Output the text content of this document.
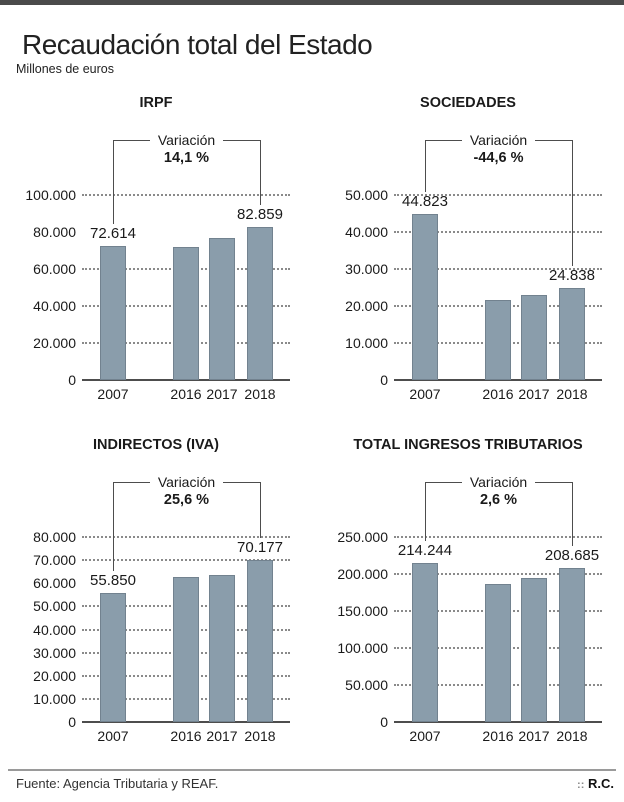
Recaudación total del Estado
Millones de euros
IRPF
100.000
80.000
60.000
40.000
20.000
0
72.614
2007	2016 2017
82.859
2018
Variación
14,1 %
SOCIEDADES
50.000
40.000
30.000
20.000
10.000
0
44.823
2007	2016 2017
24.838
2018
Variación
-44,6 %
INDIRECTOS (IVA)
80.000
70.000
60.000
50.000
40.000
30.000
20.000
10.000
0
55.850
2007	2016 2017
70.177
2018
Variación
25,6 %
TOTAL INGRESOS TRIBUTARIOS
250.000
200.000
150.000
100.000
50.000
0
214.244
2007	2016 2017
208.685
2018
Variación
2,6 %
Fuente: Agencia Tributaria y REAF.	:: R.C.
